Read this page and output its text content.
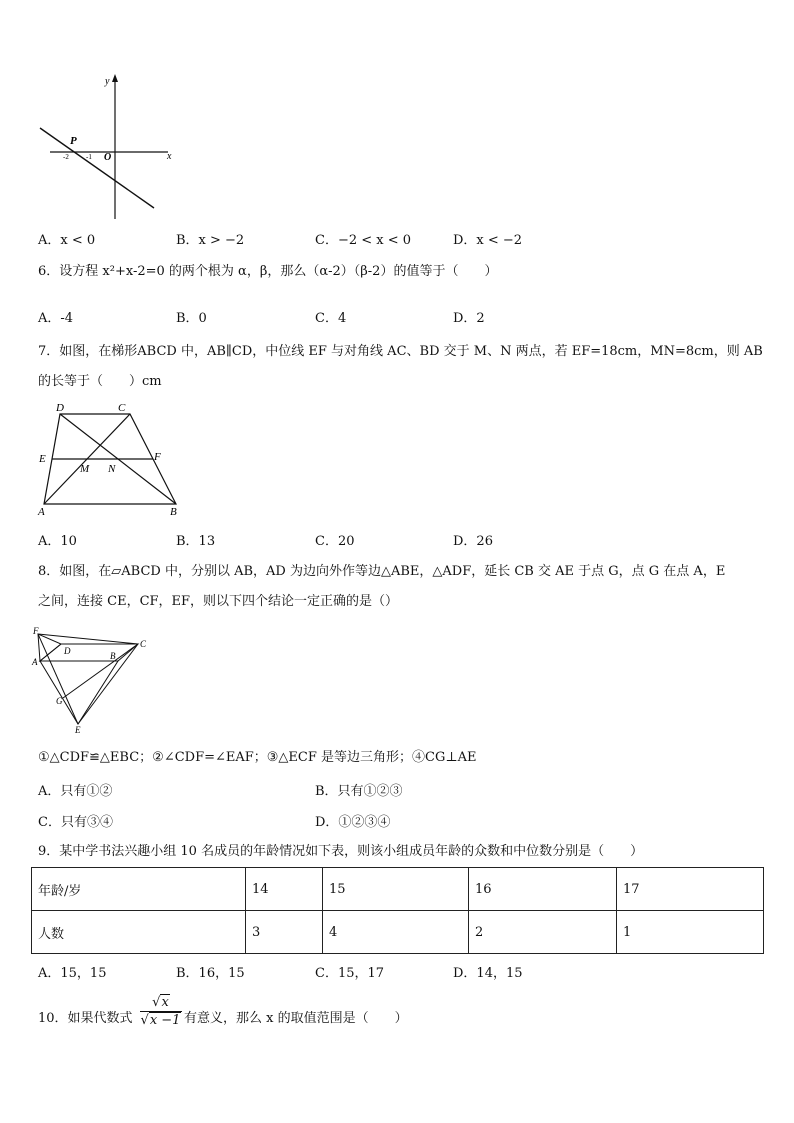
y
x
P
O
-2 -1
A．x < 0	B．x > −2	C．−2 < x < 0	D．x < −2
6．设方程 x²+x-2=0 的两个根为 α，β，那么（α-2）（β-2）的值等于（　　）
A．-4	B．0	C．4	D．2
7．如图，在梯形ABCD 中，AB∥CD，中位线 EF 与对角线 AC、BD 交于 M、N 两点，若 EF=18cm，MN=8cm，则 AB
的长等于（　　）cm
D	C
E	F
M N
A	B
A．10	B．13	C．20	D．26
8．如图，在▱ABCD 中，分别以 AB，AD 为边向外作等边△ABE，△ADF，延长 CB 交 AE 于点 G，点 G 在点 A，E
之间，连接 CE，CF，EF，则以下四个结论一定正确的是（）
F
D
C
A
B
G
E
①△CDF≌△EBC；②∠CDF=∠EAF；③△ECF 是等边三角形；④CG⊥AE
A．只有①②	B．只有①②③
C．只有③④	D．①②③④
9．某中学书法兴趣小组 10 名成员的年龄情况如下表，则该小组成员年龄的众数和中位数分别是（　　）
年龄/岁	14	15	16	17
人数	3	4	2	1
A．15，15	B．16，15	C．15，17	D．14，15
10．如果代数式 $\frac{√x}{√x -1}$ 有意义，那么 x 的取值范围是（　　）
